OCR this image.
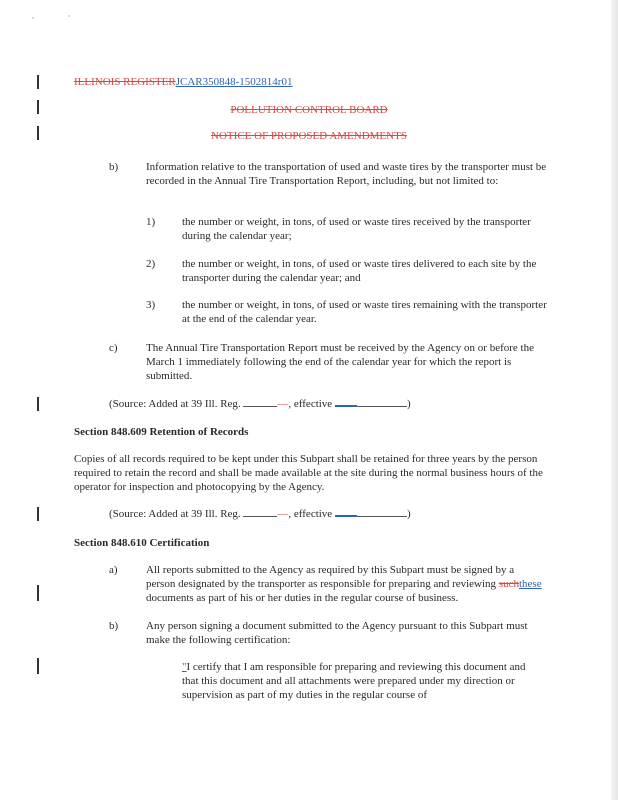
ILLINOIS REGISTERJCAR350848-1502814r01
POLLUTION CONTROL BOARD
NOTICE OF PROPOSED AMENDMENTS
b)	Information relative to the transportation of used and waste tires by the transporter must be recorded in the Annual Tire Transportation Report, including, but not limited to:
1) the number or weight, in tons, of used or waste tires received by the transporter during the calendar year;
2) the number or weight, in tons, of used or waste tires delivered to each site by the transporter during the calendar year; and
3) the number or weight, in tons, of used or waste tires remaining with the transporter at the end of the calendar year.
c)	The Annual Tire Transportation Report must be received by the Agency on or before the March 1 immediately following the end of the calendar year for which the report is submitted.
(Source: Added at 39 Ill. Reg.	—, effective	)
Section 848.609 Retention of Records
Copies of all records required to be kept under this Subpart shall be retained for three years by the person required to retain the record and shall be made available at the site during the normal business hours of the operator for inspection and photocopying by the Agency.
(Source: Added at 39 Ill. Reg.	—, effective	)
Section 848.610 Certification
a)	All reports submitted to the Agency as required by this Subpart must be signed by a person designated by the transporter as responsible for preparing and reviewing suchthese documents as part of his or her duties in the regular course of business.
b)	Any person signing a document submitted to the Agency pursuant to this Subpart must make the following certification:
"I certify that I am responsible for preparing and reviewing this document and that this document and all attachments were prepared under my direction or supervision as part of my duties in the regular course of
